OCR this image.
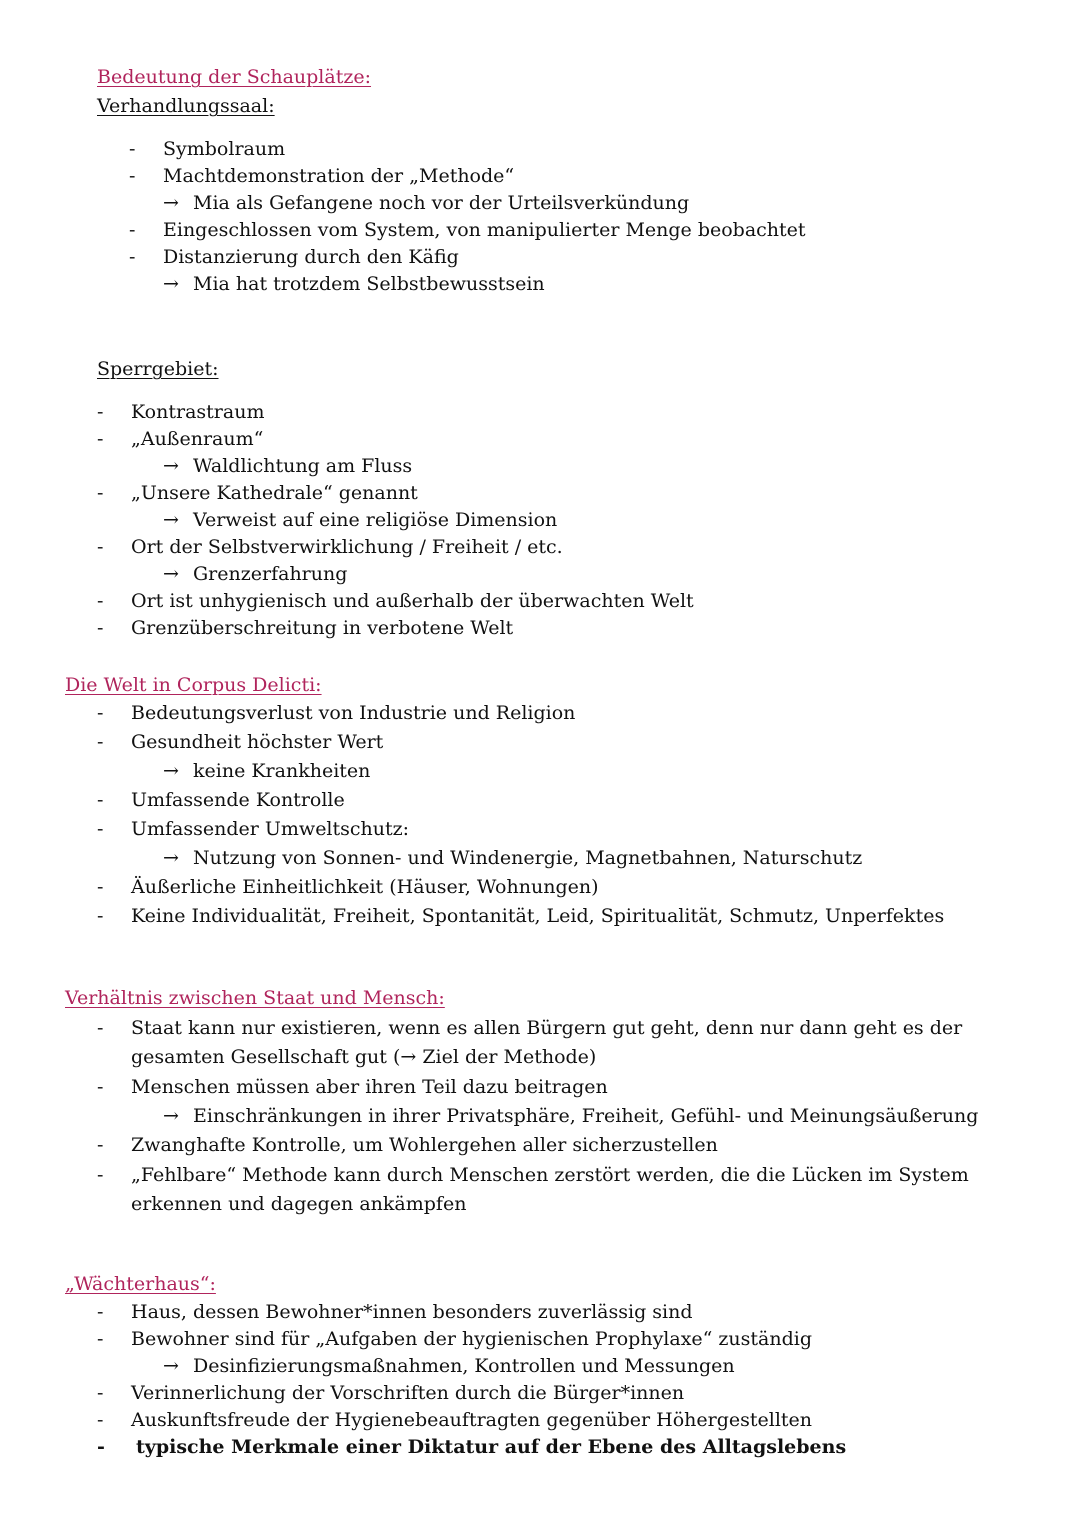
Bedeutung der Schauplätze:
Verhandlungssaal:
- Symbolraum
- Machtdemonstration der „Methode“
→ Mia als Gefangene noch vor der Urteilsverkündung
- Eingeschlossen vom System, von manipulierter Menge beobachtet
- Distanzierung durch den Käfig
→ Mia hat trotzdem Selbstbewusstsein
Sperrgebiet:
- Kontrastraum
- „Außenraum“
→ Waldlichtung am Fluss
- „Unsere Kathedrale“ genannt
→ Verweist auf eine religiöse Dimension
- Ort der Selbstverwirklichung / Freiheit / etc.
→ Grenzerfahrung
- Ort ist unhygienisch und außerhalb der überwachten Welt
- Grenzüberschreitung in verbotene Welt
Die Welt in Corpus Delicti:
- Bedeutungsverlust von Industrie und Religion
- Gesundheit höchster Wert
→ keine Krankheiten
- Umfassende Kontrolle
- Umfassender Umweltschutz:
→ Nutzung von Sonnen- und Windenergie, Magnetbahnen, Naturschutz
- Äußerliche Einheitlichkeit (Häuser, Wohnungen)
- Keine Individualität, Freiheit, Spontanität, Leid, Spiritualität, Schmutz, Unperfektes
Verhältnis zwischen Staat und Mensch:
- Staat kann nur existieren, wenn es allen Bürgern gut geht, denn nur dann geht es der gesamten Gesellschaft gut (→ Ziel der Methode)
- Menschen müssen aber ihren Teil dazu beitragen
→ Einschränkungen in ihrer Privatsphäre, Freiheit, Gefühl- und Meinungsäußerung
- Zwanghafte Kontrolle, um Wohlergehen aller sicherzustellen
- „Fehlbare“ Methode kann durch Menschen zerstört werden, die die Lücken im System erkennen und dagegen ankämpfen
„Wächterhaus“:
- Haus, dessen Bewohner*innen besonders zuverlässig sind
- Bewohner sind für „Aufgaben der hygienischen Prophylaxe“ zuständig
→ Desinfizierungsmaßnahmen, Kontrollen und Messungen
- Verinnerlichung der Vorschriften durch die Bürger*innen
- Auskunftsfreude der Hygienebeauftragten gegenüber Höhergestellten
- typische Merkmale einer Diktatur auf der Ebene des Alltagslebens
